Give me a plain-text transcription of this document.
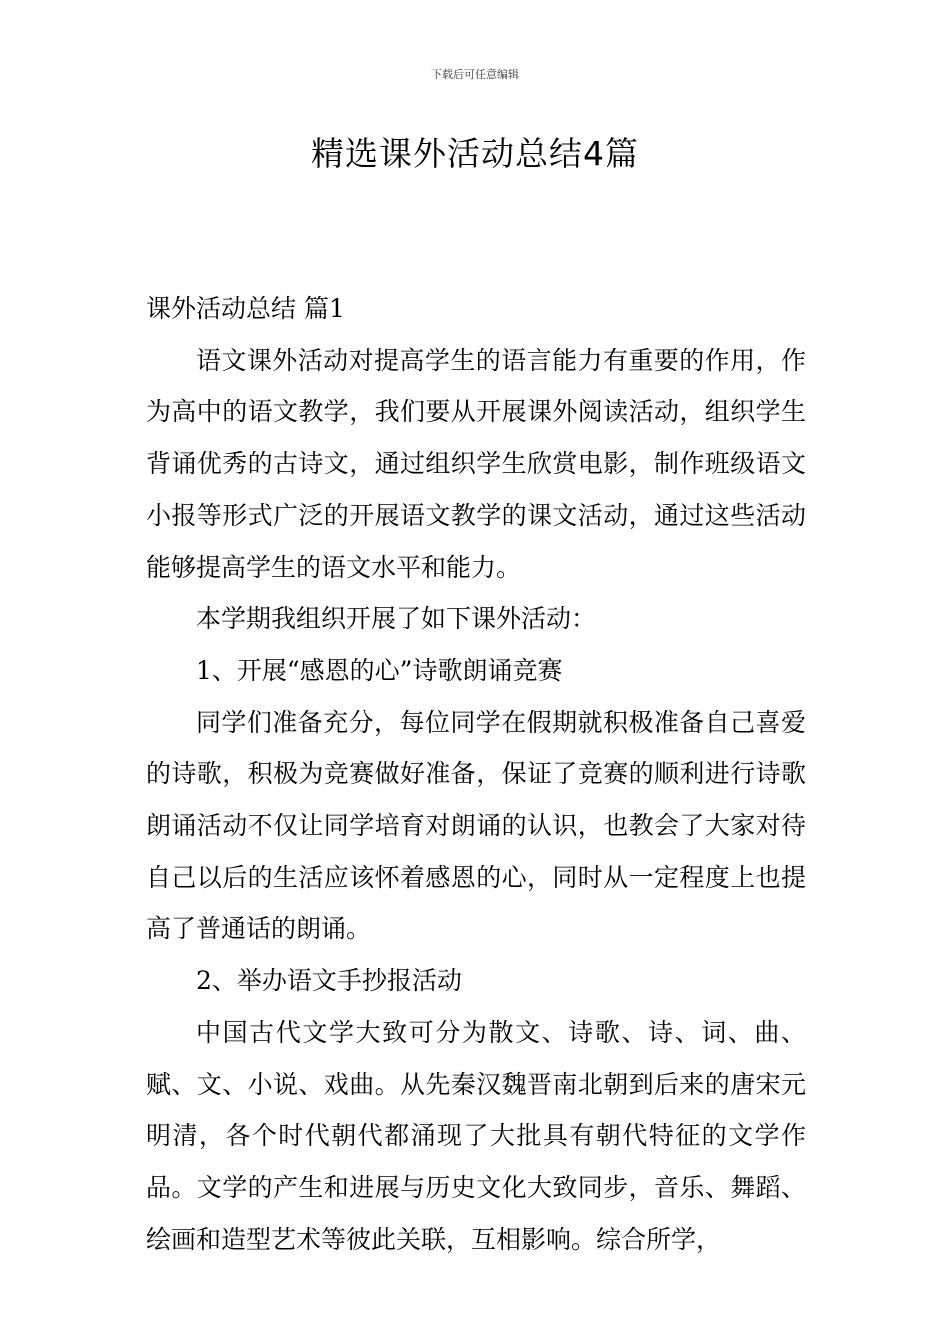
下载后可任意编辑
精选课外活动总结4篇

课外活动总结 篇1

语文课外活动对提高学生的语言能力有重要的作用，作为高中的语文教学，我们要从开展课外阅读活动，组织学生背诵优秀的古诗文，通过组织学生欣赏电影，制作班级语文小报等形式广泛的开展语文教学的课文活动，通过这些活动能够提高学生的语文水平和能力。

本学期我组织开展了如下课外活动：

1、开展“感恩的心”诗歌朗诵竞赛

同学们准备充分，每位同学在假期就积极准备自己喜爱的诗歌，积极为竞赛做好准备，保证了竞赛的顺利进行诗歌朗诵活动不仅让同学培育对朗诵的认识，也教会了大家对待自己以后的生活应该怀着感恩的心，同时从一定程度上也提高了普通话的朗诵。

2、举办语文手抄报活动

中国古代文学大致可分为散文、诗歌、诗、词、曲、赋、文、小说、戏曲。从先秦汉魏晋南北朝到后来的唐宋元明清，各个时代朝代都涌现了大批具有朝代特征的文学作品。文学的产生和进展与历史文化大致同步，音乐、舞蹈、绘画和造型艺术等彼此关联，互相影响。综合所学，
